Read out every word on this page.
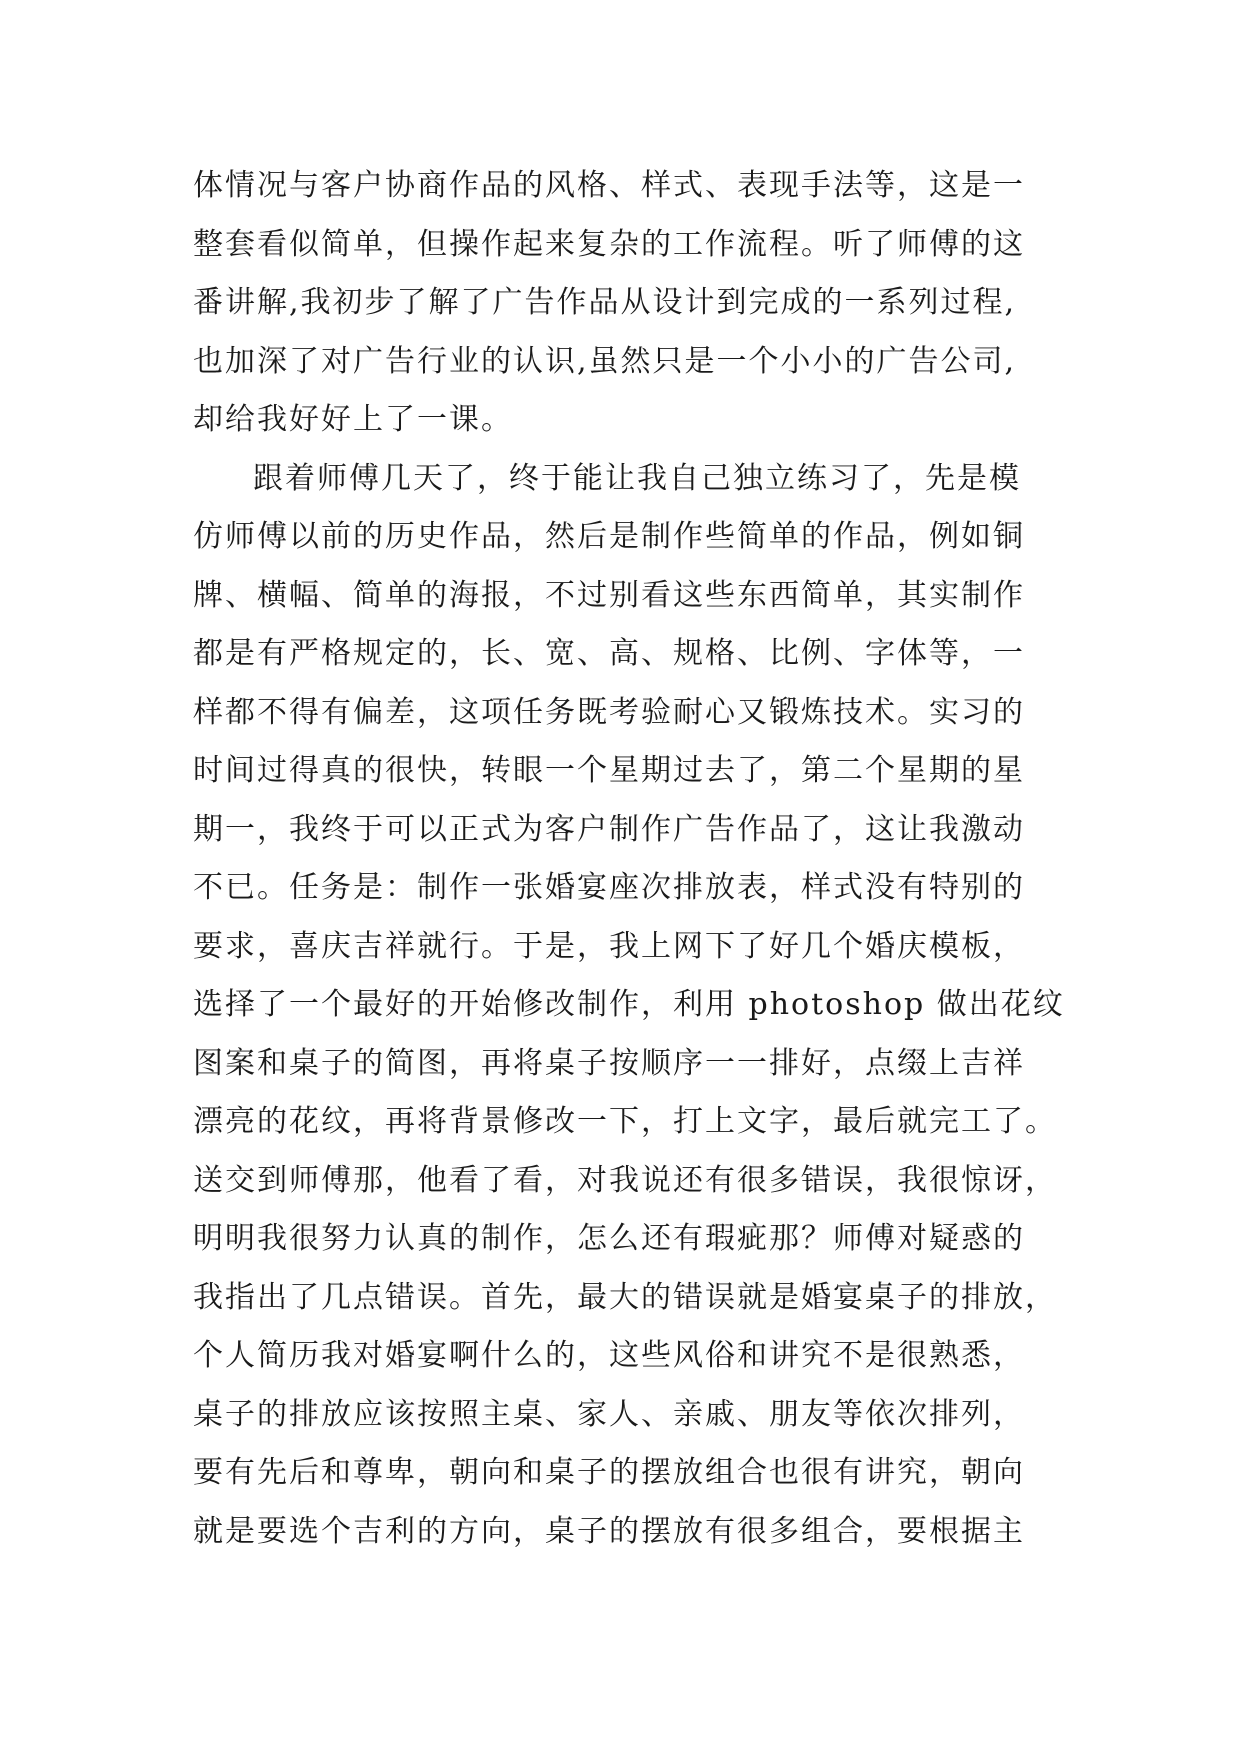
体情况与客户协商作品的风格、样式、表现手法等，这是一
整套看似简单，但操作起来复杂的工作流程。听了师傅的这
番讲解,我初步了解了广告作品从设计到完成的一系列过程,
也加深了对广告行业的认识,虽然只是一个小小的广告公司,
却给我好好上了一课。
跟着师傅几天了，终于能让我自己独立练习了，先是模
仿师傅以前的历史作品，然后是制作些简单的作品，例如铜
牌、横幅、简单的海报，不过别看这些东西简单，其实制作
都是有严格规定的，长、宽、高、规格、比例、字体等，一
样都不得有偏差，这项任务既考验耐心又锻炼技术。实习的
时间过得真的很快，转眼一个星期过去了，第二个星期的星
期一，我终于可以正式为客户制作广告作品了，这让我激动
不已。任务是：制作一张婚宴座次排放表，样式没有特别的
要求，喜庆吉祥就行。于是，我上网下了好几个婚庆模板，
选择了一个最好的开始修改制作，利用 photoshop 做出花纹
图案和桌子的简图，再将桌子按顺序一一排好，点缀上吉祥
漂亮的花纹，再将背景修改一下，打上文字，最后就完工了。
送交到师傅那，他看了看，对我说还有很多错误，我很惊讶，
明明我很努力认真的制作，怎么还有瑕疵那？师傅对疑惑的
我指出了几点错误。首先，最大的错误就是婚宴桌子的排放，
个人简历我对婚宴啊什么的，这些风俗和讲究不是很熟悉，
桌子的排放应该按照主桌、家人、亲戚、朋友等依次排列，
要有先后和尊卑，朝向和桌子的摆放组合也很有讲究，朝向
就是要选个吉利的方向，桌子的摆放有很多组合，要根据主
